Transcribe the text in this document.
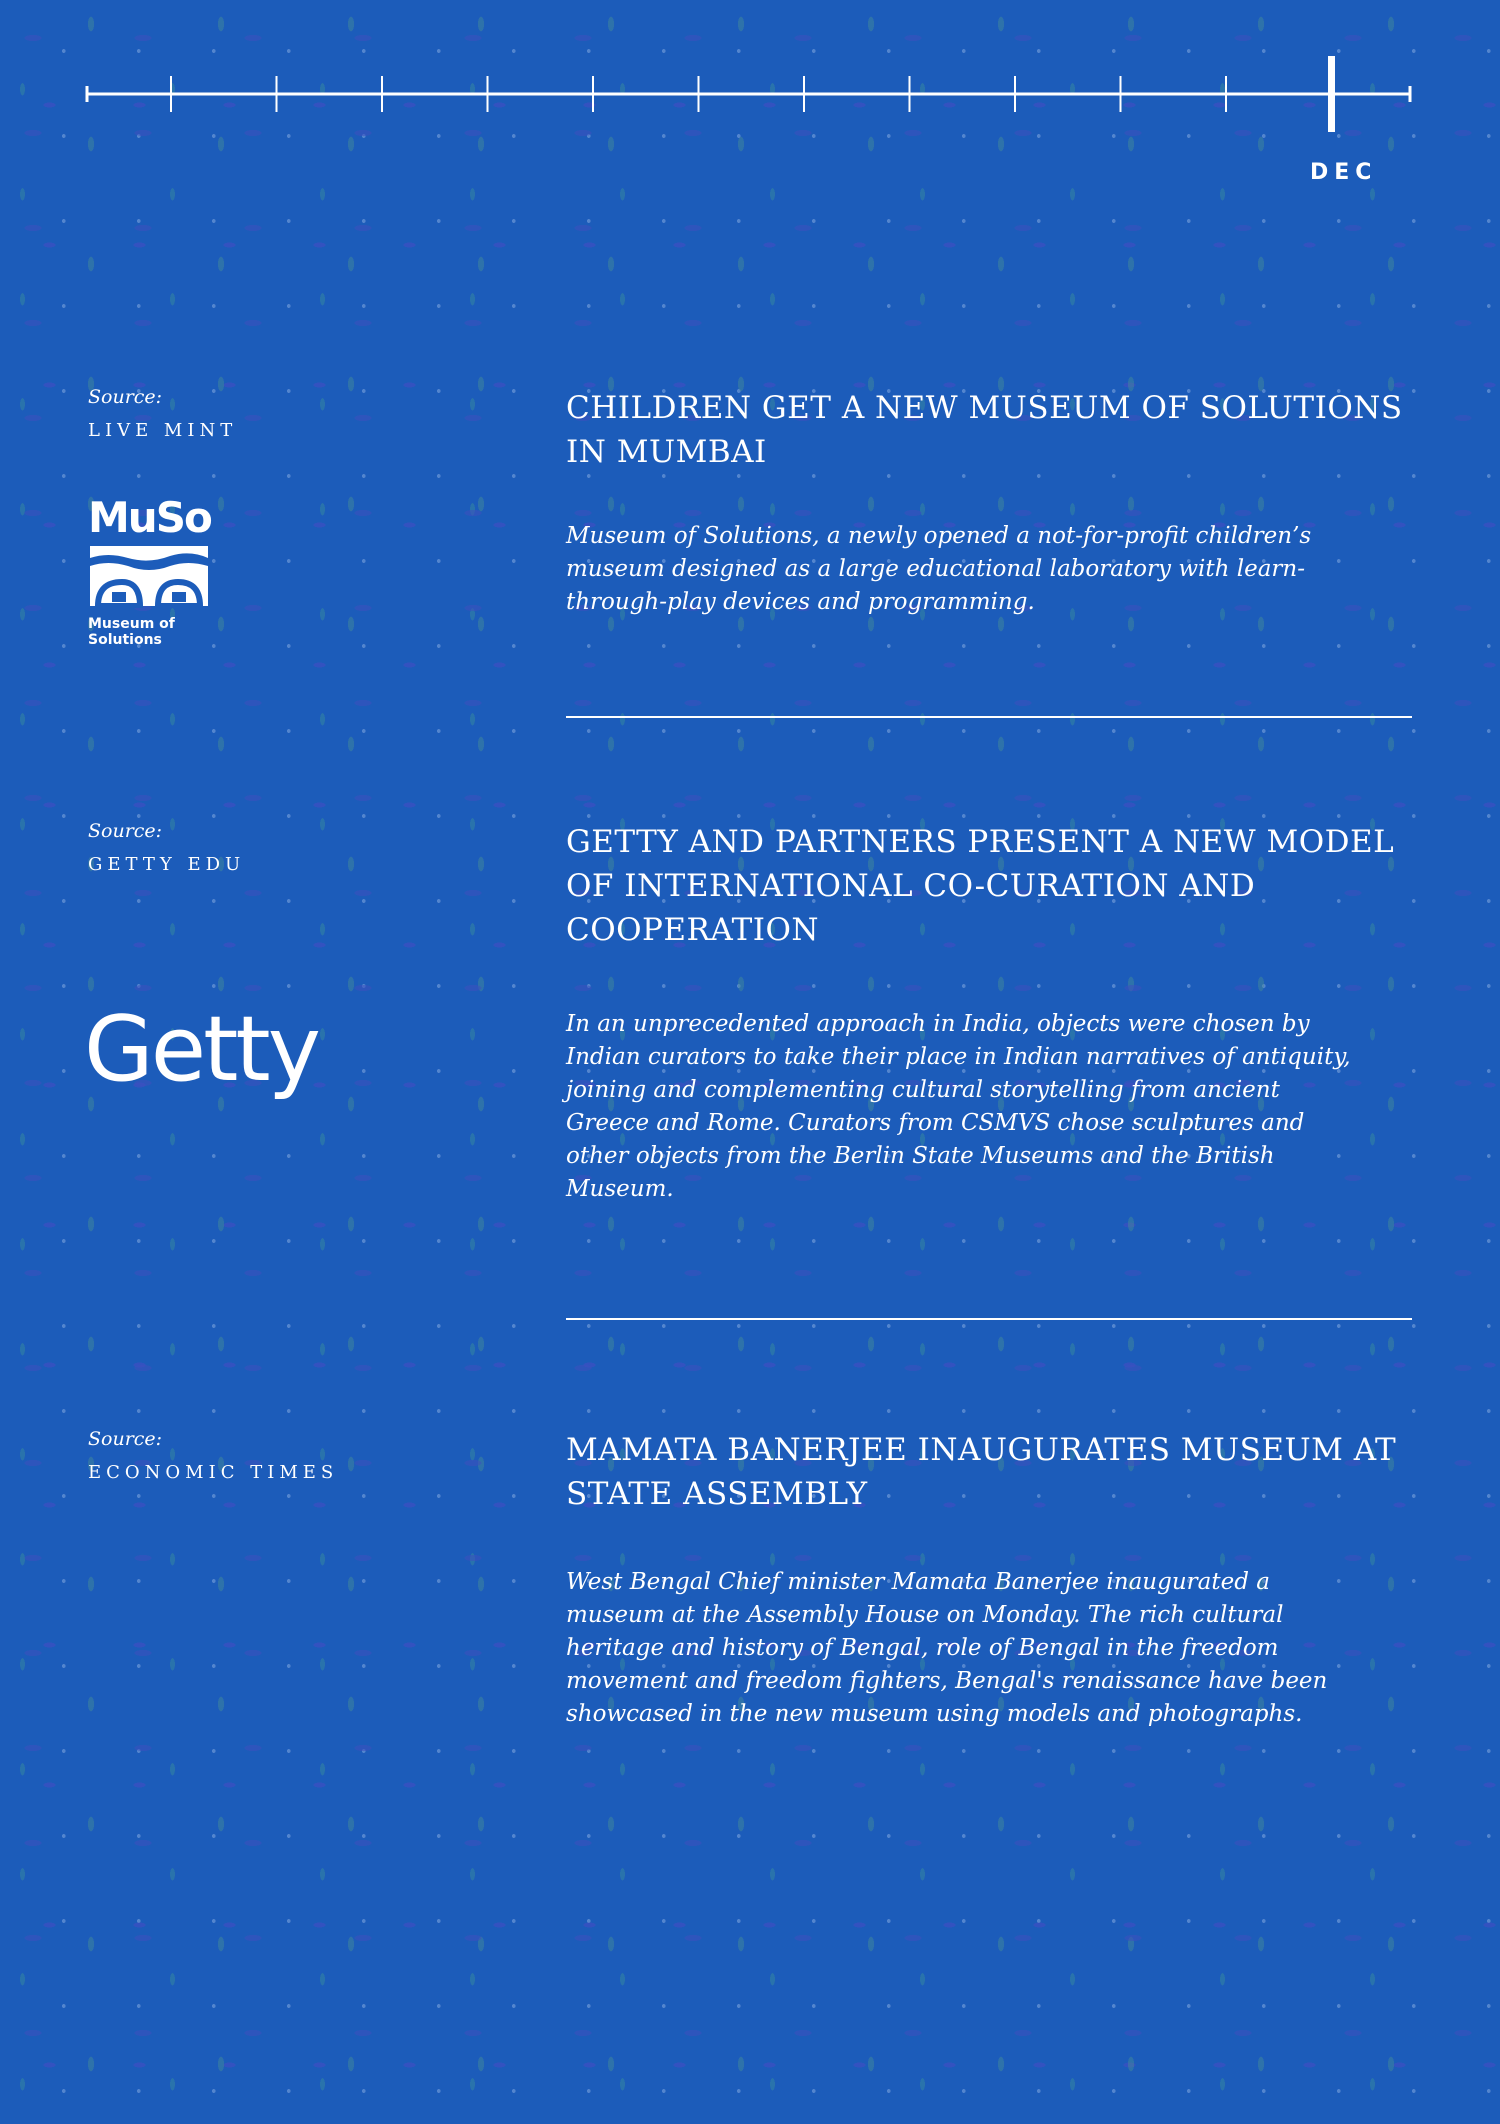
DEC
Source:
LIVE MINT
MuSo
Museum of
Solutions
CHILDREN GET A NEW MUSEUM OF SOLUTIONS IN MUMBAI

Museum of Solutions, a newly opened a not-for-profit children’s museum designed as a large educational laboratory with learn-through-play devices and programming.

Source:
GETTY EDU
Getty
GETTY AND PARTNERS PRESENT A NEW MODEL OF INTERNATIONAL CO-CURATION AND COOPERATION

In an unprecedented approach in India, objects were chosen by Indian curators to take their place in Indian narratives of antiquity, joining and complementing cultural storytelling from ancient Greece and Rome. Curators from CSMVS chose sculptures and other objects from the Berlin State Museums and the British Museum.

Source:
ECONOMIC TIMES
MAMATA BANERJEE INAUGURATES MUSEUM AT STATE ASSEMBLY

West Bengal Chief minister Mamata Banerjee inaugurated a museum at the Assembly House on Monday. The rich cultural heritage and history of Bengal, role of Bengal in the freedom movement and freedom fighters, Bengal's renaissance have been showcased in the new museum using models and photographs.
